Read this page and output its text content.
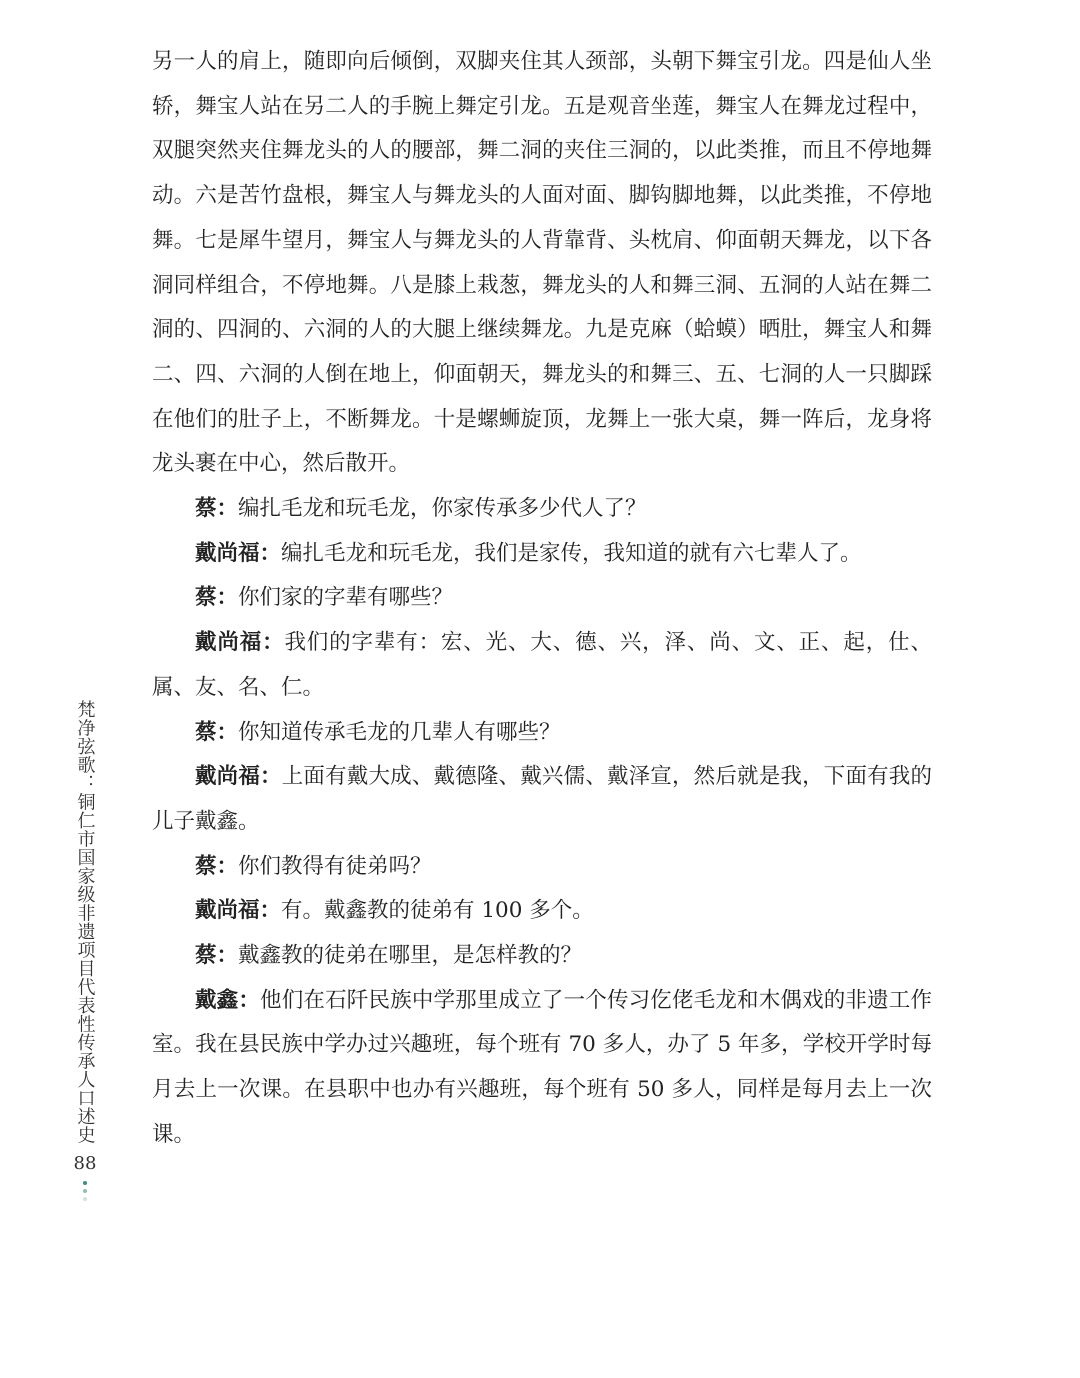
另一人的肩上，随即向后倾倒，双脚夹住其人颈部，头朝下舞宝引龙。四是仙人坐轿，舞宝人站在另二人的手腕上舞定引龙。五是观音坐莲，舞宝人在舞龙过程中，双腿突然夹住舞龙头的人的腰部，舞二洞的夹住三洞的，以此类推，而且不停地舞动。六是苦竹盘根，舞宝人与舞龙头的人面对面、脚钩脚地舞，以此类推，不停地舞。七是犀牛望月，舞宝人与舞龙头的人背靠背、头枕肩、仰面朝天舞龙，以下各洞同样组合，不停地舞。八是膝上栽葱，舞龙头的人和舞三洞、五洞的人站在舞二洞的、四洞的、六洞的人的大腿上继续舞龙。九是克麻（蛤蟆）晒肚，舞宝人和舞二、四、六洞的人倒在地上，仰面朝天，舞龙头的和舞三、五、七洞的人一只脚踩在他们的肚子上，不断舞龙。十是螺蛳旋顶，龙舞上一张大桌，舞一阵后，龙身将龙头裹在中心，然后散开。

蔡：编扎毛龙和玩毛龙，你家传承多少代人了？

戴尚福：编扎毛龙和玩毛龙，我们是家传，我知道的就有六七辈人了。

蔡：你们家的字辈有哪些？

戴尚福：我们的字辈有：宏、光、大、德、兴，泽、尚、文、正、起，仕、属、友、名、仁。

蔡：你知道传承毛龙的几辈人有哪些？

戴尚福：上面有戴大成、戴德隆、戴兴儒、戴泽宣，然后就是我，下面有我的儿子戴鑫。

蔡：你们教得有徒弟吗？

戴尚福：有。戴鑫教的徒弟有 100 多个。

蔡：戴鑫教的徒弟在哪里，是怎样教的？

戴鑫：他们在石阡民族中学那里成立了一个传习仡佬毛龙和木偶戏的非遗工作室。我在县民族中学办过兴趣班，每个班有 70 多人，办了 5 年多，学校开学时每月去上一次课。在县职中也办有兴趣班，每个班有 50 多人，同样是每月去上一次课。

梵净弦歌：铜仁市国家级非遗项目代表性传承人口述史
88
